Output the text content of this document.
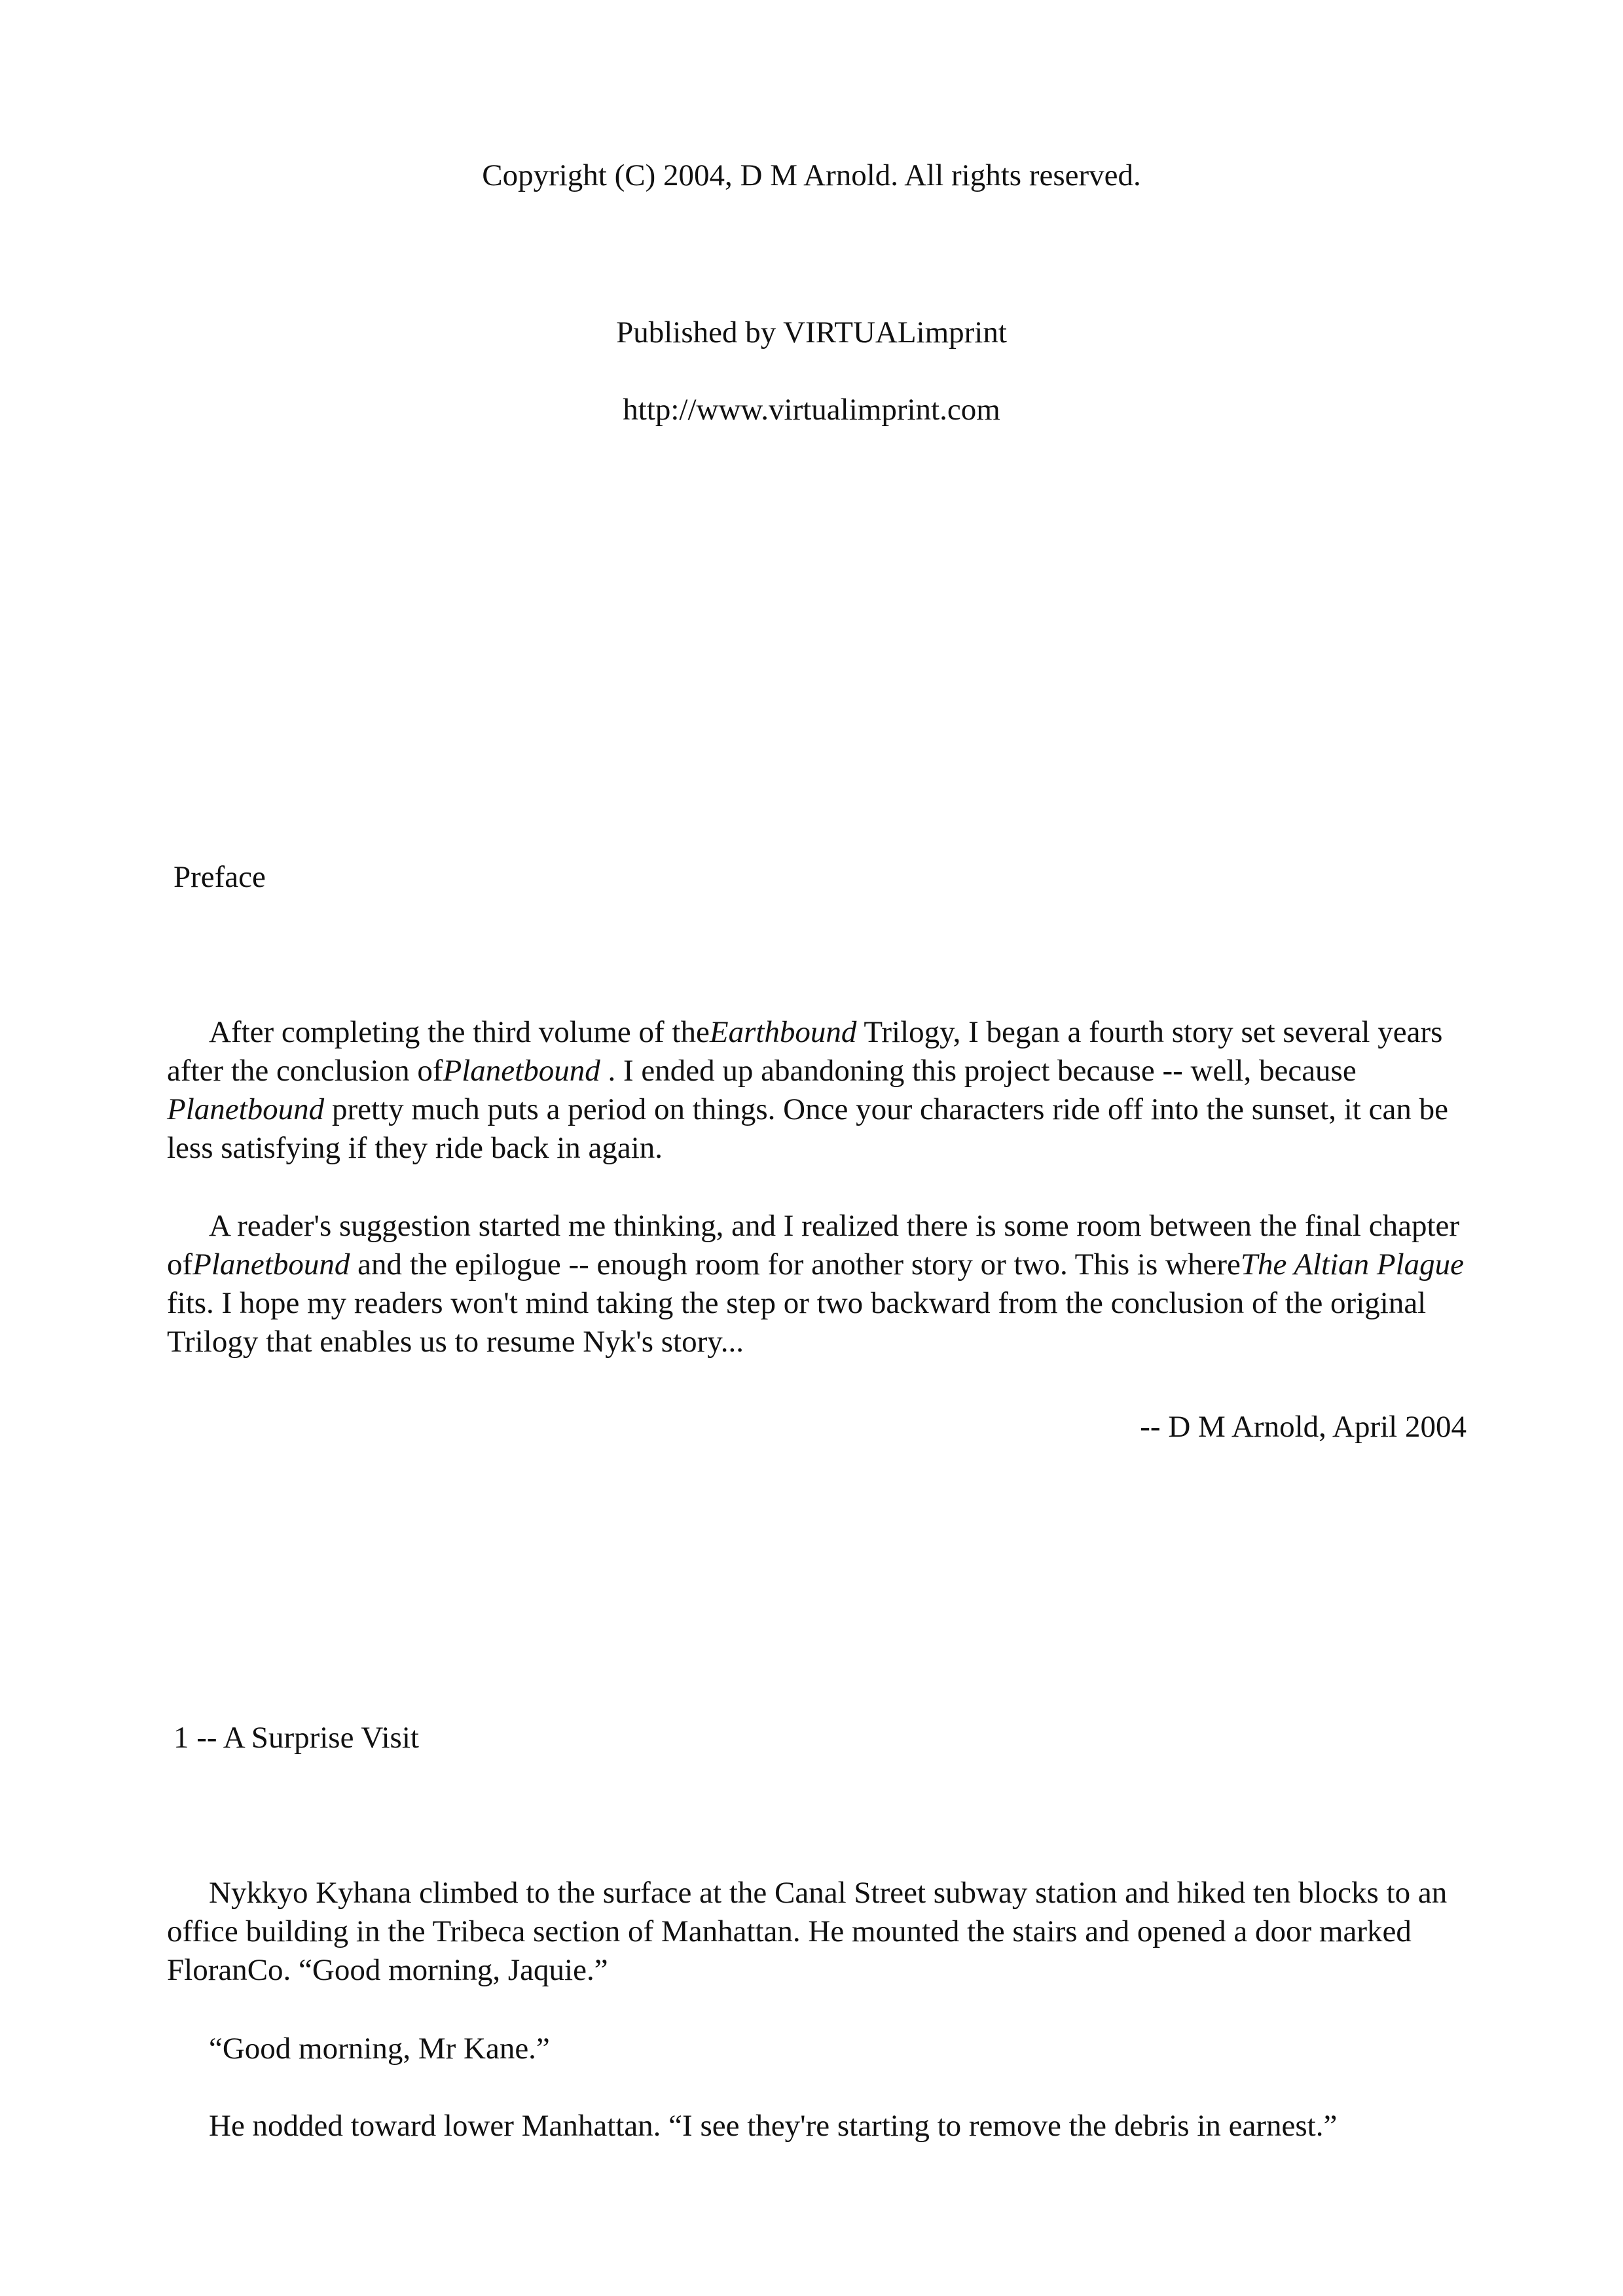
Copyright (C) 2004, D M Arnold. All rights reserved.
Published by VIRTUALimprint
http://www.virtualimprint.com
Preface
After completing the third volume of theEarthbound Trilogy, I began a fourth story set several years after the conclusion ofPlanetbound . I ended up abandoning this project because -- well, because Planetbound pretty much puts a period on things. Once your characters ride off into the sunset, it can be less satisfying if they ride back in again.
A reader's suggestion started me thinking, and I realized there is some room between the final chapter ofPlanetbound and the epilogue -- enough room for another story or two. This is whereThe Altian Plague fits. I hope my readers won't mind taking the step or two backward from the conclusion of the original Trilogy that enables us to resume Nyk's story...
-- D M Arnold, April 2004
1 -- A Surprise Visit
Nykkyo Kyhana climbed to the surface at the Canal Street subway station and hiked ten blocks to an office building in the Tribeca section of Manhattan. He mounted the stairs and opened a door marked FloranCo. “Good morning, Jaquie.”
“Good morning, Mr Kane.”
He nodded toward lower Manhattan. “I see they're starting to remove the debris in earnest.”
